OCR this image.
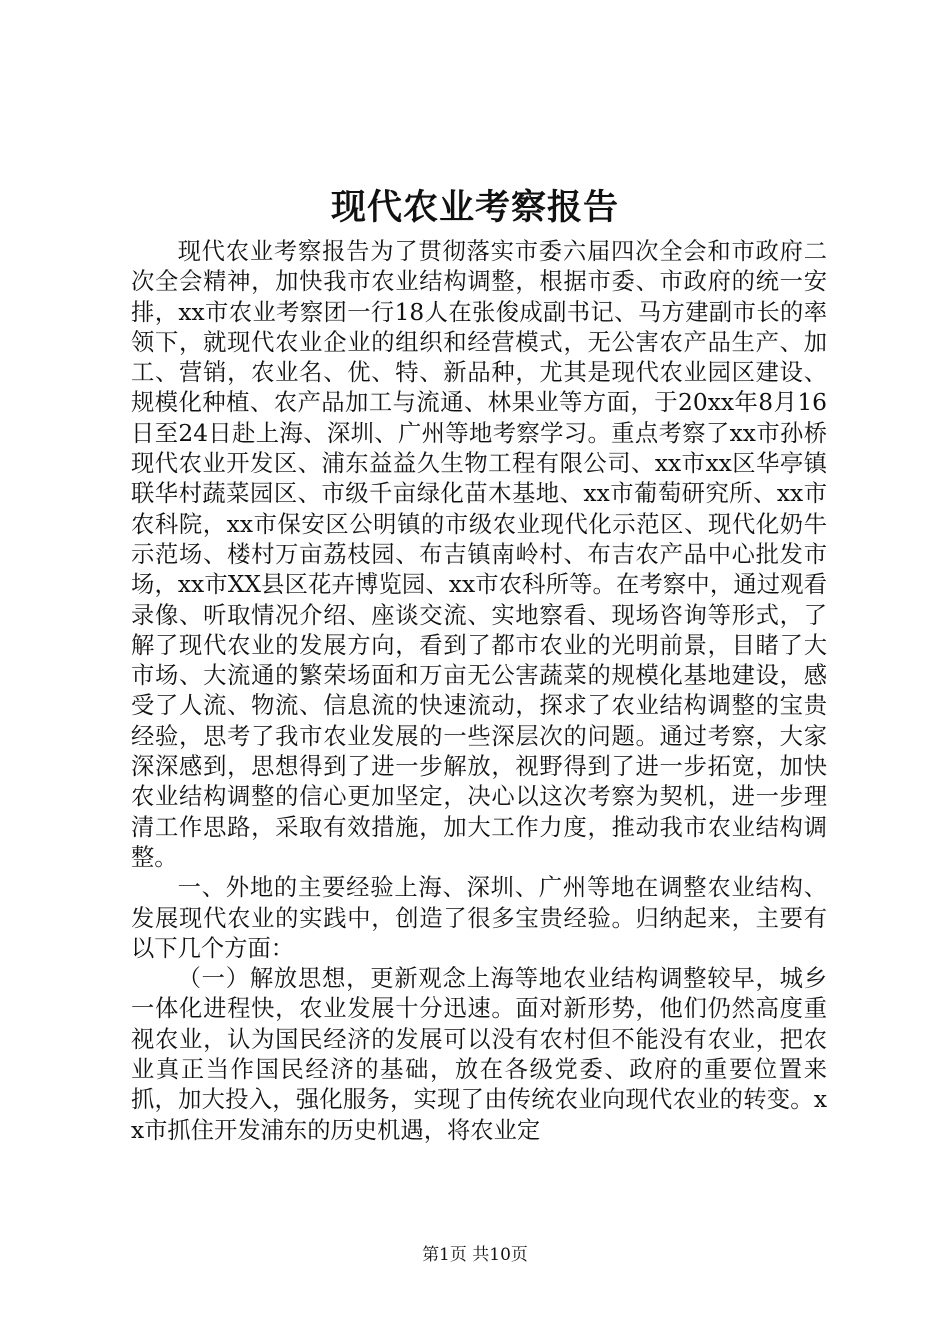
现代农业考察报告

现代农业考察报告为了贯彻落实市委六届四次全会和市政府二次全会精神，加快我市农业结构调整，根据市委、市政府的统一安排，xx市农业考察团一行18人在张俊成副书记、马方建副市长的率领下，就现代农业企业的组织和经营模式，无公害农产品生产、加工、营销，农业名、优、特、新品种，尤其是现代农业园区建设、规模化种植、农产品加工与流通、林果业等方面，于20xx年8月16日至24日赴上海、深圳、广州等地考察学习。重点考察了xx市孙桥现代农业开发区、浦东益益久生物工程有限公司、xx市xx区华亭镇联华村蔬菜园区、市级千亩绿化苗木基地、xx市葡萄研究所、xx市农科院，xx市保安区公明镇的市级农业现代化示范区、现代化奶牛示范场、楼村万亩荔枝园、布吉镇南岭村、布吉农产品中心批发市场，xx市XX县区花卉博览园、xx市农科所等。在考察中，通过观看录像、听取情况介绍、座谈交流、实地察看、现场咨询等形式，了解了现代农业的发展方向，看到了都市农业的光明前景，目睹了大市场、大流通的繁荣场面和万亩无公害蔬菜的规模化基地建设，感受了人流、物流、信息流的快速流动，探求了农业结构调整的宝贵经验，思考了我市农业发展的一些深层次的问题。通过考察，大家深深感到，思想得到了进一步解放，视野得到了进一步拓宽，加快农业结构调整的信心更加坚定，决心以这次考察为契机，进一步理清工作思路，采取有效措施，加大工作力度，推动我市农业结构调整。

一、外地的主要经验上海、深圳、广州等地在调整农业结构、发展现代农业的实践中，创造了很多宝贵经验。归纳起来，主要有以下几个方面：

（一）解放思想，更新观念上海等地农业结构调整较早，城乡一体化进程快，农业发展十分迅速。面对新形势，他们仍然高度重视农业，认为国民经济的发展可以没有农村但不能没有农业，把农业真正当作国民经济的基础，放在各级党委、政府的重要位置来抓，加大投入，强化服务，实现了由传统农业向现代农业的转变。xx市抓住开发浦东的历史机遇，将农业定

第1页 共10页
